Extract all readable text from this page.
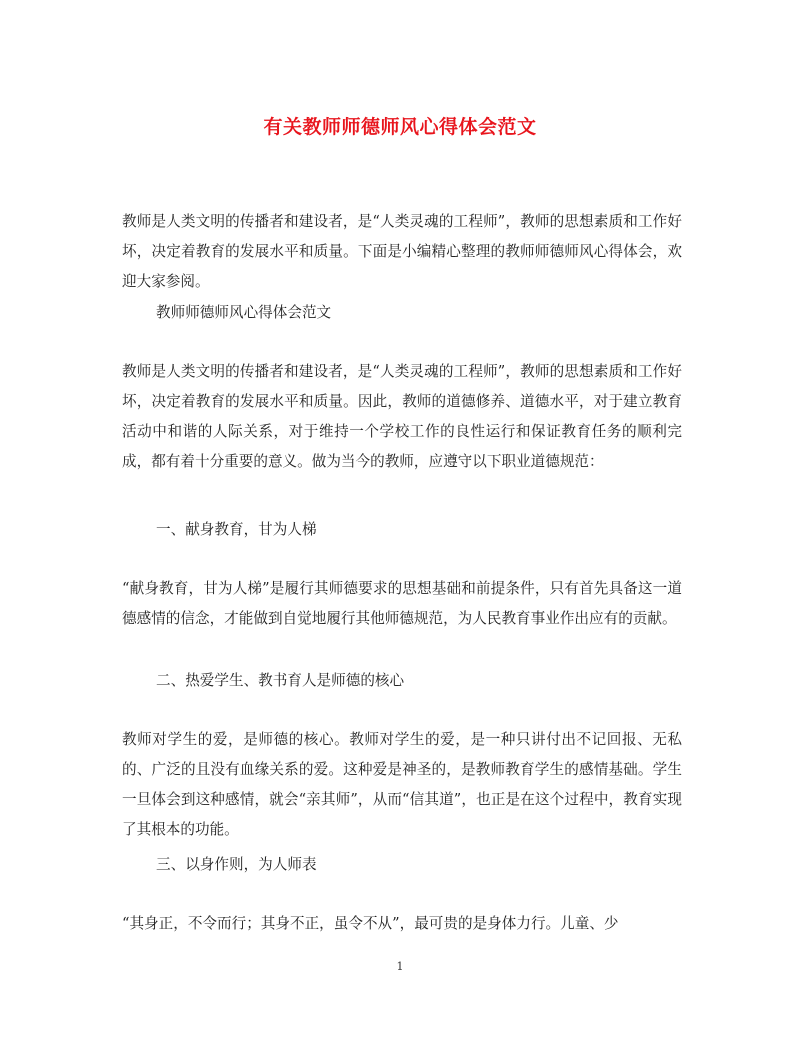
有关教师师德师风心得体会范文

教师是人类文明的传播者和建设者，是“人类灵魂的工程师”，教师的思想素质和工作好坏，决定着教育的发展水平和质量。下面是小编精心整理的教师师德师风心得体会，欢迎大家参阅。

教师师德师风心得体会范文

教师是人类文明的传播者和建设者，是“人类灵魂的工程师”，教师的思想素质和工作好坏，决定着教育的发展水平和质量。因此，教师的道德修养、道德水平，对于建立教育活动中和谐的人际关系，对于维持一个学校工作的良性运行和保证教育任务的顺利完成，都有着十分重要的意义。做为当今的教师，应遵守以下职业道德规范：

一、献身教育，甘为人梯

“献身教育，甘为人梯”是履行其师德要求的思想基础和前提条件，只有首先具备这一道德感情的信念，才能做到自觉地履行其他师德规范，为人民教育事业作出应有的贡献。

二、热爱学生、教书育人是师德的核心

教师对学生的爱，是师德的核心。教师对学生的爱，是一种只讲付出不记回报、无私的、广泛的且没有血缘关系的爱。这种爱是神圣的，是教师教育学生的感情基础。学生一旦体会到这种感情，就会“亲其师”，从而“信其道”，也正是在这个过程中，教育实现了其根本的功能。

三、以身作则，为人师表

“其身正，不令而行；其身不正，虽令不从”，最可贵的是身体力行。儿童、少

1
